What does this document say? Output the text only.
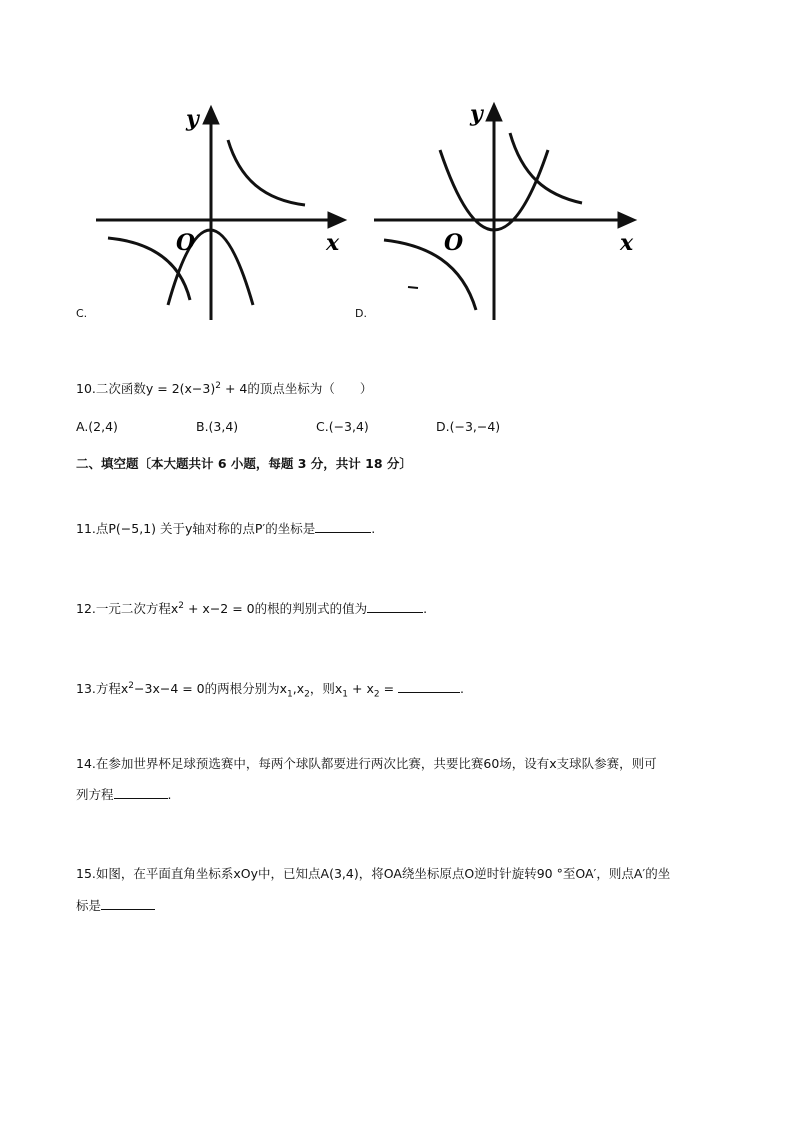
y
x
O
C.
y
x
O
D.
10.二次函数$y = 2(x-3)^2 + 4$的顶点坐标为（　　）
A.(2,4)	B.(3,4)	C.(−3,4)	D.(−3,−4)
二、填空题〔本大题共计 6 小题，每题 3 分，共计 18 分〕
11.点P(−5,1) 关于y轴对称的点P′的坐标是	.
12.一元二次方程$x^2 + x-2 = 0$的根的判别式的值为	.
13.方程$x^2-3x-4 = 0$的两根分别为$x_1,x_2$，则$x_1 + x_2$ =	.
14.在参加世界杯足球预选赛中，每两个球队都要进行两次比赛，共要比赛60场，设有x支球队参赛，则可
列方程	.
15.如图，在平面直角坐标系xOy中，已知点A(3,4)，将OA绕坐标原点O逆时针旋转90 °至OA′，则点A′的坐
标是
